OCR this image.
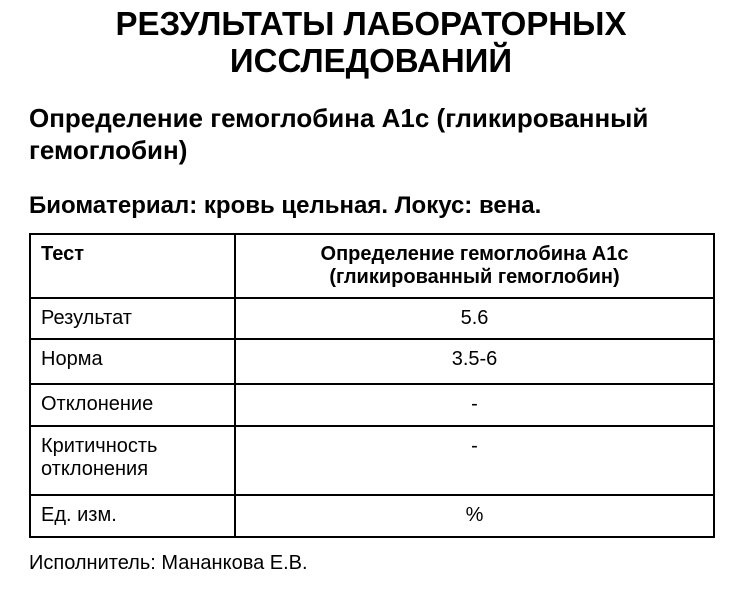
РЕЗУЛЬТАТЫ ЛАБОРАТОРНЫХ ИССЛЕДОВАНИЙ
Определение гемоглобина A1c (гликированный гемоглобин)
Биоматериал: кровь цельная. Локус: вена.
Тест	Определение гемоглобина A1c (гликированный гемоглобин)
Результат	5.6
Норма	3.5-6
Отклонение	-
Критичность отклонения	-
Ед. изм.	%

Исполнитель: Мананкова Е.В.
